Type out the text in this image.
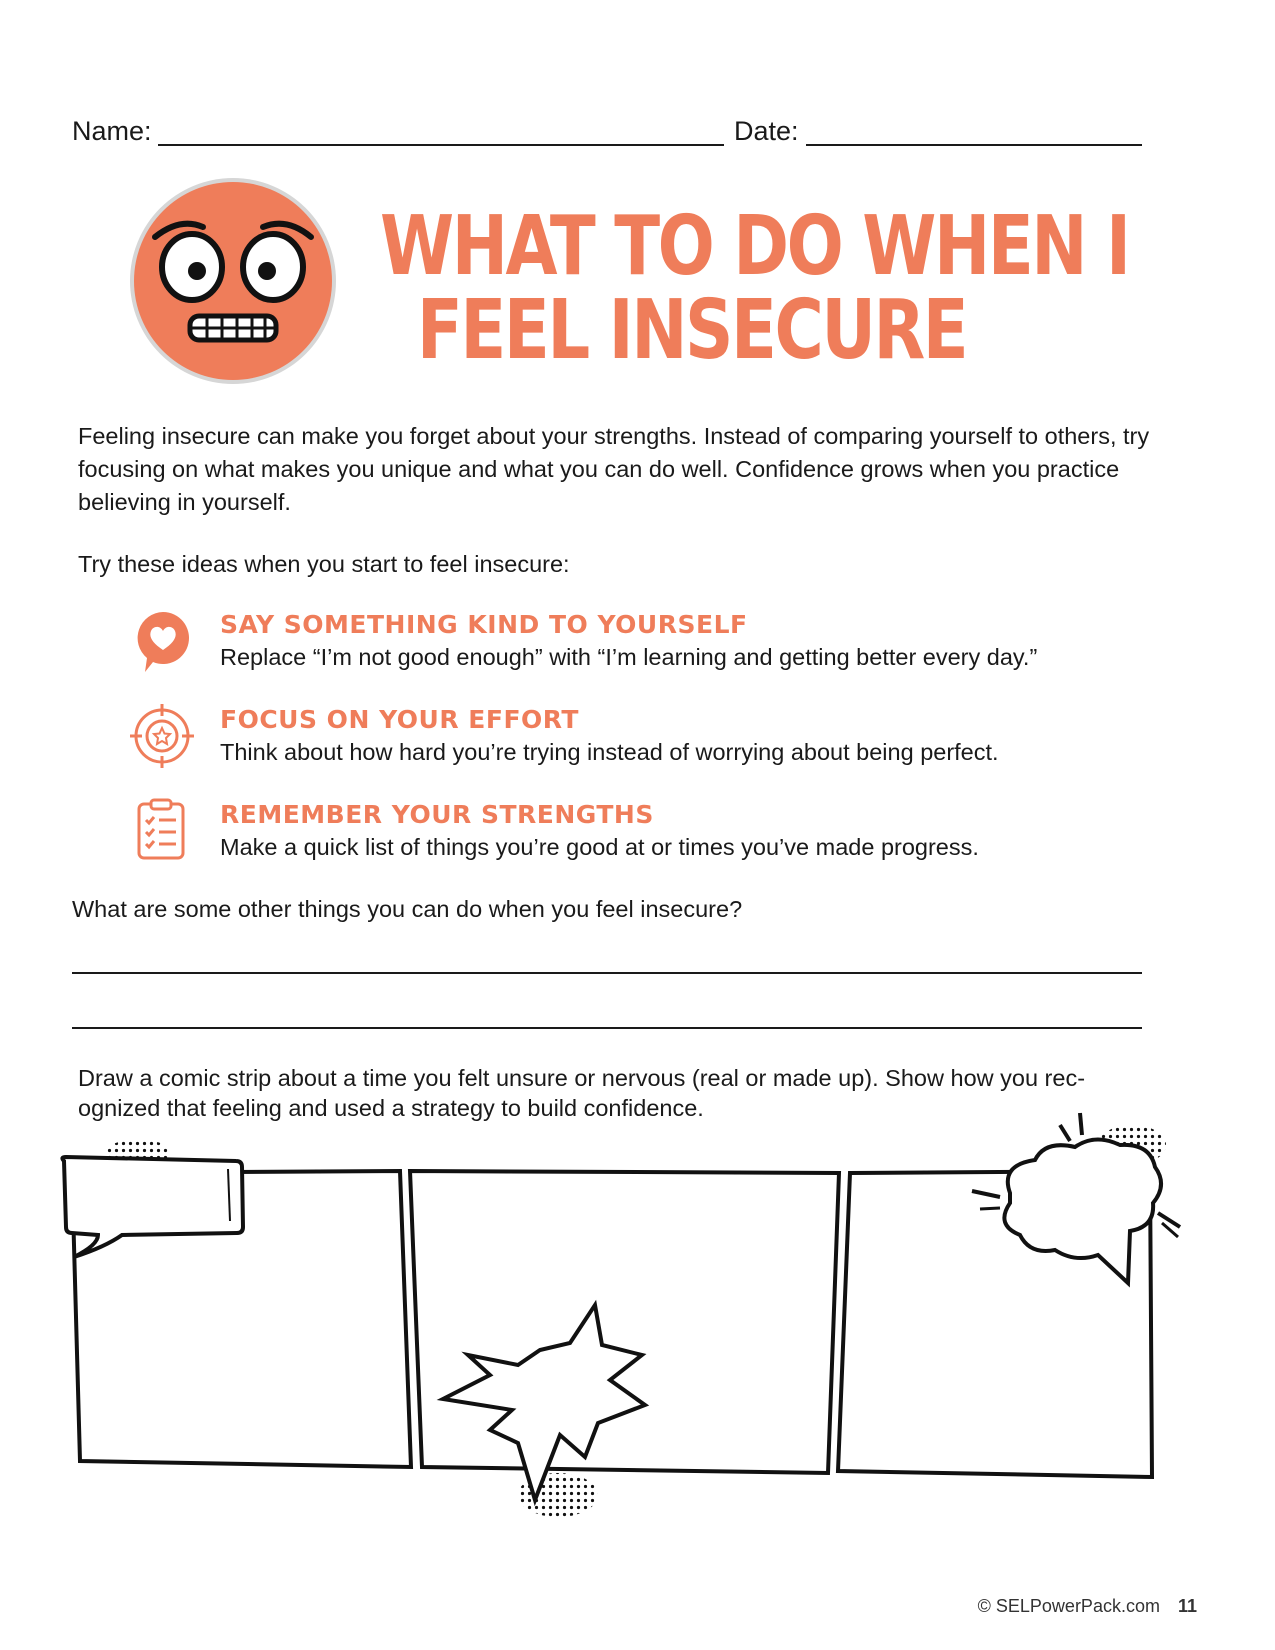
Name:	Date:
WHAT TO DO WHEN I
FEEL INSECURE
Feeling insecure can make you forget about your strengths. Instead of comparing yourself to others, try focusing on what makes you unique and what you can do well. Confidence grows when you practice believing in yourself.
Try these ideas when you start to feel insecure:
SAY SOMETHING KIND TO YOURSELF
Replace “I’m not good enough” with “I’m learning and getting better every day.”
FOCUS ON YOUR EFFORT
Think about how hard you’re trying instead of worrying about being perfect.
REMEMBER YOUR STRENGTHS
Make a quick list of things you’re good at or times you’ve made progress.
What are some other things you can do when you feel insecure?
Draw a comic strip about a time you felt unsure or nervous (real or made up). Show how you rec-ognized that feeling and used a strategy to build confidence.
© SELPowerPack.com 11
